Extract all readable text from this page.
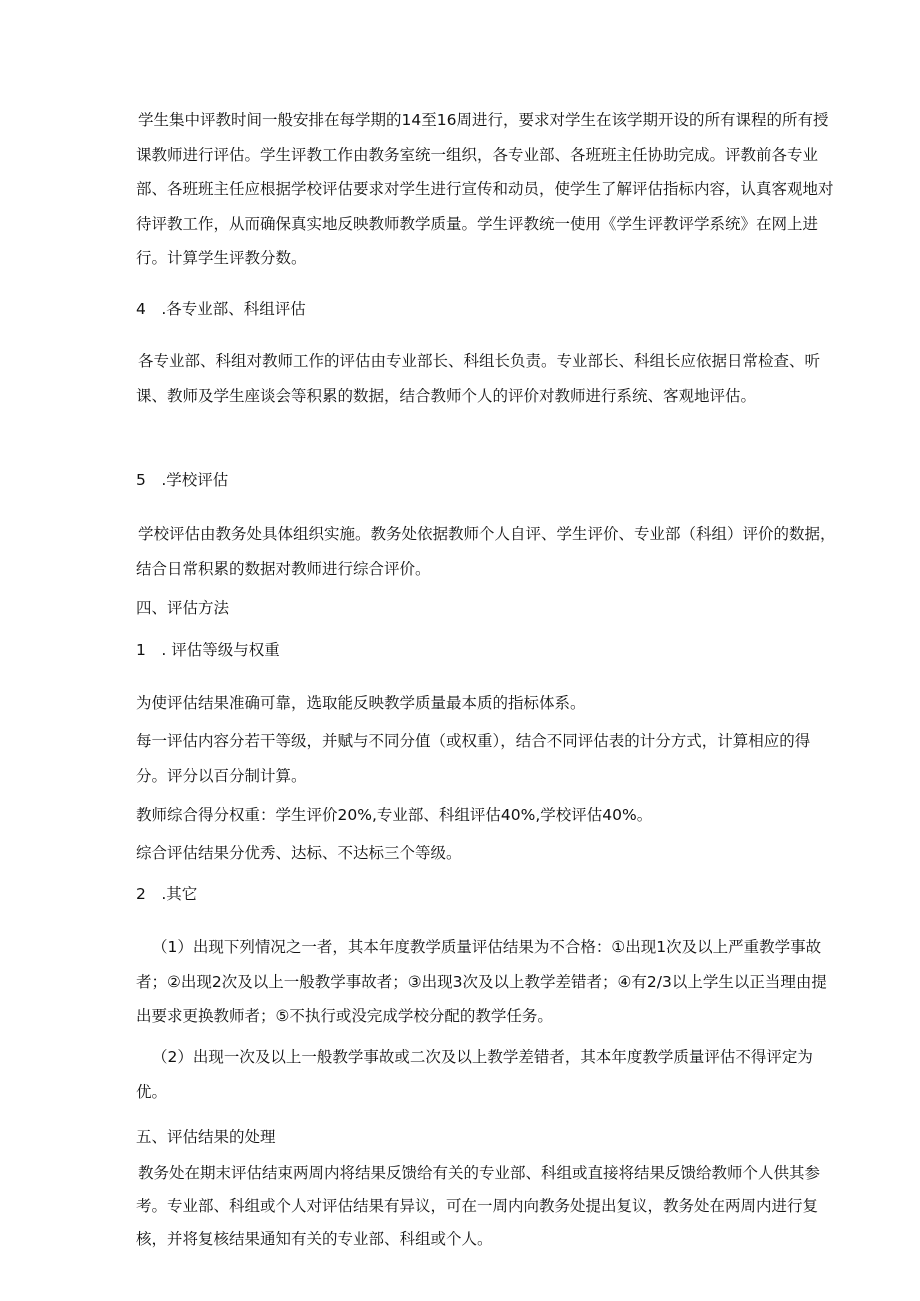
学生集中评教时间一般安排在每学期的14至16周进行，要求对学生在该学期开设的所有课程的所有授课教师进行评估。学生评教工作由教务室统一组织，各专业部、各班班主任协助完成。评教前各专业部、各班班主任应根据学校评估要求对学生进行宣传和动员，使学生了解评估指标内容，认真客观地对待评教工作，从而确保真实地反映教师教学质量。学生评教统一使用《学生评教评学系统》在网上进行。计算学生评教分数。

4　.各专业部、科组评估

各专业部、科组对教师工作的评估由专业部长、科组长负责。专业部长、科组长应依据日常检查、听课、教师及学生座谈会等积累的数据，结合教师个人的评价对教师进行系统、客观地评估。

5　.学校评估

学校评估由教务处具体组织实施。教务处依据教师个人自评、学生评价、专业部（科组）评价的数据，结合日常积累的数据对教师进行综合评价。

四、评估方法

1　. 评估等级与权重

为使评估结果准确可靠，选取能反映教学质量最本质的指标体系。

每一评估内容分若干等级，并赋与不同分值（或权重），结合不同评估表的计分方式，计算相应的得分。评分以百分制计算。

教师综合得分权重：学生评价20%,专业部、科组评估40%,学校评估40%。

综合评估结果分优秀、达标、不达标三个等级。

2　.其它

（1）出现下列情况之一者，其本年度教学质量评估结果为不合格：①出现1次及以上严重教学事故者；②出现2次及以上一般教学事故者；③出现3次及以上教学差错者；④有2/3以上学生以正当理由提出要求更换教师者；⑤不执行或没完成学校分配的教学任务。

（2）出现一次及以上一般教学事故或二次及以上教学差错者，其本年度教学质量评估不得评定为优。

五、评估结果的处理

教务处在期末评估结束两周内将结果反馈给有关的专业部、科组或直接将结果反馈给教师个人供其参考。专业部、科组或个人对评估结果有异议，可在一周内向教务处提出复议，教务处在两周内进行复核，并将复核结果通知有关的专业部、科组或个人。
